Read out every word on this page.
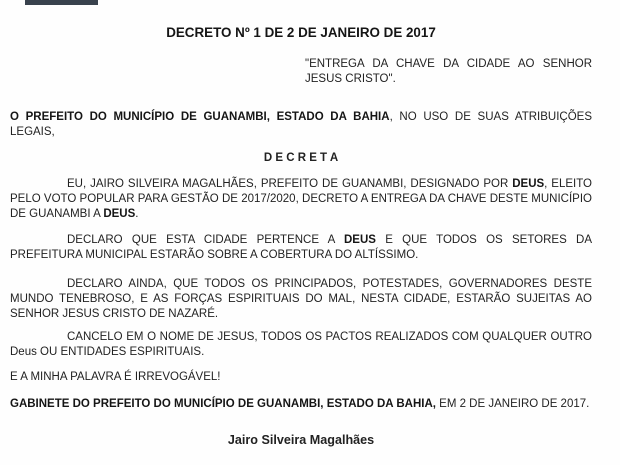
DECRETO Nº 1 DE 2 DE JANEIRO DE 2017

"ENTREGA DA CHAVE DA CIDADE AO SENHOR JESUS CRISTO".

O PREFEITO DO MUNICÍPIO DE GUANAMBI, ESTADO DA BAHIA, NO USO DE SUAS ATRIBUIÇÕES LEGAIS,

D E C R E T A

EU, JAIRO SILVEIRA MAGALHÃES, PREFEITO DE GUANAMBI, DESIGNADO POR DEUS, ELEITO PELO VOTO POPULAR PARA GESTÃO DE 2017/2020, DECRETO A ENTREGA DA CHAVE DESTE MUNICÍPIO DE GUANAMBI A DEUS.

DECLARO QUE ESTA CIDADE PERTENCE A DEUS E QUE TODOS OS SETORES DA PREFEITURA MUNICIPAL ESTARÃO SOBRE A COBERTURA DO ALTÍSSIMO.

DECLARO AINDA, QUE TODOS OS PRINCIPADOS, POTESTADES, GOVERNADORES DESTE MUNDO TENEBROSO, E AS FORÇAS ESPIRITUAIS DO MAL, NESTA CIDADE, ESTARÃO SUJEITAS AO SENHOR JESUS CRISTO DE NAZARÉ.

CANCELO EM O NOME DE JESUS, TODOS OS PACTOS REALIZADOS COM QUALQUER OUTRO Deus OU ENTIDADES ESPIRITUAIS.

E A MINHA PALAVRA É IRREVOGÁVEL!

GABINETE DO PREFEITO DO MUNICÍPIO DE GUANAMBI, ESTADO DA BAHIA, EM 2 DE JANEIRO DE 2017.

Jairo Silveira Magalhães
